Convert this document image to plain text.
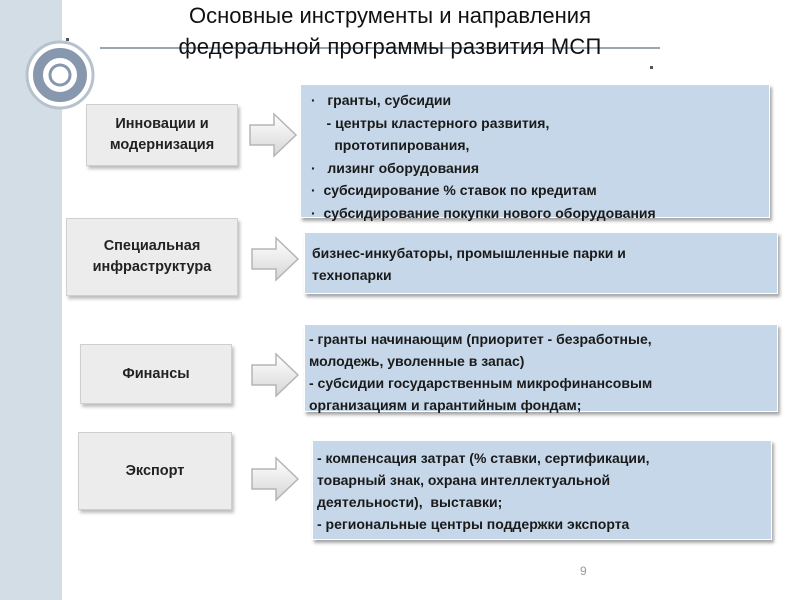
Основные инструменты и направления
федеральной программы развития МСП
Инновации и
модернизация
·   гранты, субсидии
- центры кластерного развития,
прототипирования,
·   лизинг оборудования
·  субсидирование % ставок по кредитам
·  субсидирование покупки нового оборудования
Специальная
инфраструктура
бизнес-инкубаторы, промышленные парки и
технопарки
Финансы
- гранты начинающим (приоритет - безработные,
молодежь, уволенные в запас)
- субсидии государственным микрофинансовым
организациям и гарантийным фондам;
Экспорт
- компенсация затрат (% ставки, сертификации,
товарный знак, охрана интеллектуальной
деятельности),  выставки;
- региональные центры поддержки экспорта
9
